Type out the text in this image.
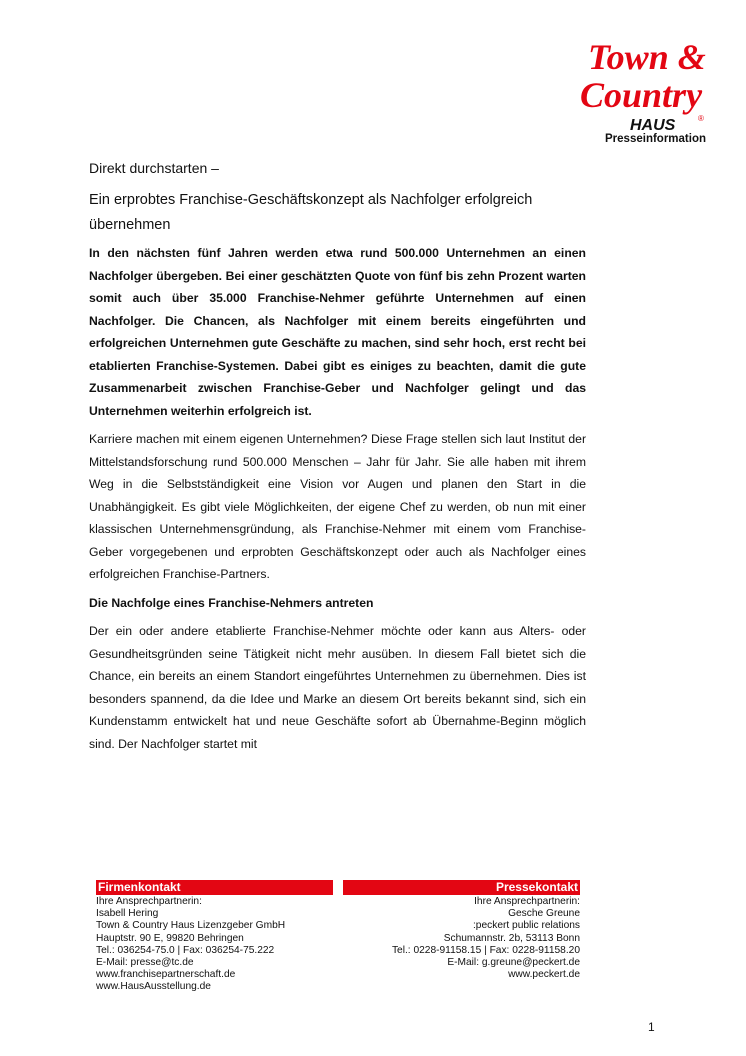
Town &
Country
HAUS	®
Presseinformation

Direkt durchstarten –

Ein erprobtes Franchise-Geschäftskonzept als Nachfolger erfolgreich übernehmen

In den nächsten fünf Jahren werden etwa rund 500.000 Unternehmen an einen Nachfolger übergeben. Bei einer geschätzten Quote von fünf bis zehn Prozent warten somit auch über 35.000 Franchise-Nehmer geführte Unternehmen auf einen Nachfolger. Die Chancen, als Nachfolger mit einem bereits eingeführten und erfolgreichen Unternehmen gute Geschäfte zu machen, sind sehr hoch, erst recht bei etablierten Franchise-Systemen. Dabei gibt es einiges zu beachten, damit die gute Zusammenarbeit zwischen Franchise-Geber und Nachfolger gelingt und das Unternehmen weiterhin erfolgreich ist.

Karriere machen mit einem eigenen Unternehmen? Diese Frage stellen sich laut Institut der Mittelstandsforschung rund 500.000 Menschen – Jahr für Jahr. Sie alle haben mit ihrem Weg in die Selbstständigkeit eine Vision vor Augen und planen den Start in die Unabhängigkeit. Es gibt viele Möglichkeiten, der eigene Chef zu werden, ob nun mit einer klassischen Unternehmensgründung, als Franchise-Nehmer mit einem vom Franchise-Geber vorgegebenen und erprobten Geschäftskonzept oder auch als Nachfolger eines erfolgreichen Franchise-Partners.

Die Nachfolge eines Franchise-Nehmers antreten

Der ein oder andere etablierte Franchise-Nehmer möchte oder kann aus Alters- oder Gesundheitsgründen seine Tätigkeit nicht mehr ausüben. In diesem Fall bietet sich die Chance, ein bereits an einem Standort eingeführtes Unternehmen zu übernehmen. Dies ist besonders spannend, da die Idee und Marke an diesem Ort bereits bekannt sind, sich ein Kundenstamm entwickelt hat und neue Geschäfte sofort ab Übernahme-Beginn möglich sind. Der Nachfolger startet mit

Firmenkontakt
Ihre Ansprechpartnerin:
Isabell Hering
Town & Country Haus Lizenzgeber GmbH
Hauptstr. 90 E, 99820 Behringen
Tel.: 036254-75.0 | Fax: 036254-75.222
E-Mail: presse@tc.de
www.franchisepartnerschaft.de
www.HausAusstellung.de
Pressekontakt
Ihre Ansprechpartnerin:
Gesche Greune
:peckert public relations
Schumannstr. 2b, 53113 Bonn
Tel.: 0228-91158.15 | Fax: 0228-91158.20
E-Mail: g.greune@peckert.de
www.peckert.de
1
